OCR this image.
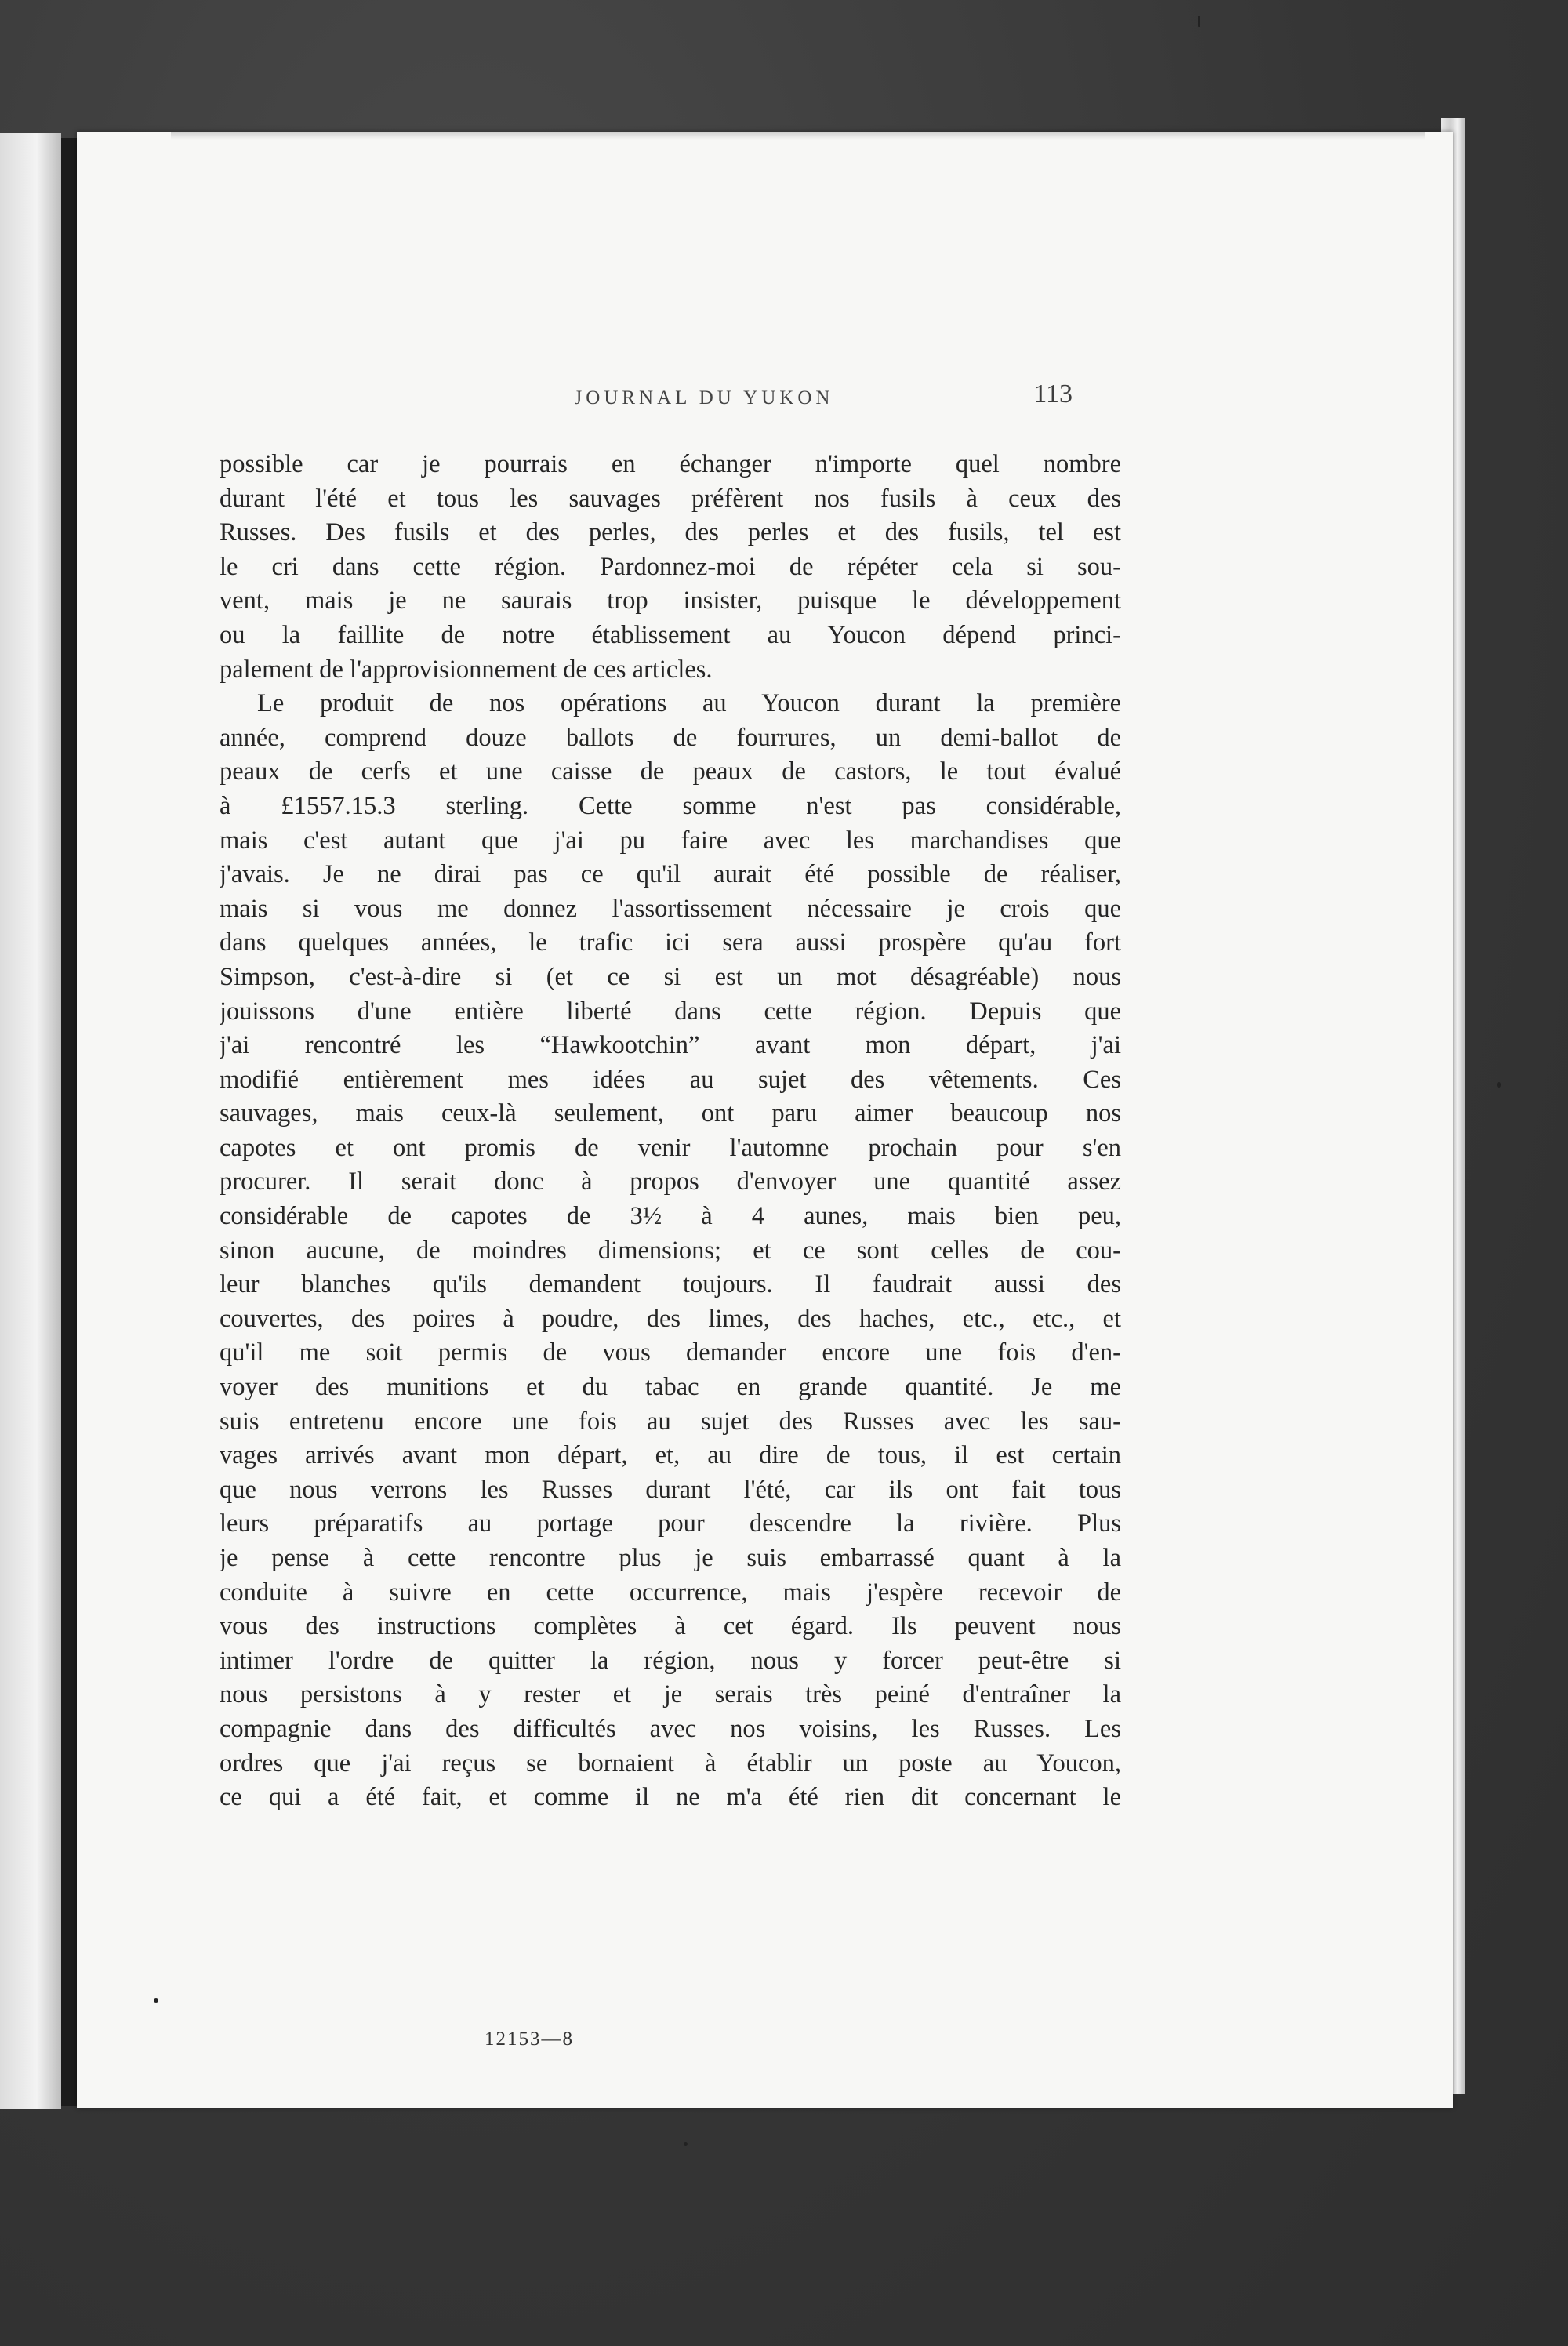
JOURNAL DU YUKON	113
possible car je pourrais en échanger n'importe quel nombre
durant l'été et tous les sauvages préfèrent nos fusils à ceux des
Russes. Des fusils et des perles, des perles et des fusils, tel est
le cri dans cette région. Pardonnez-moi de répéter cela si sou-
vent, mais je ne saurais trop insister, puisque le développement
ou la faillite de notre établissement au Youcon dépend princi-
palement de l'approvisionnement de ces articles.
Le produit de nos opérations au Youcon durant la première
année, comprend douze ballots de fourrures, un demi-ballot de
peaux de cerfs et une caisse de peaux de castors, le tout évalué
à £1557.15.3 sterling. Cette somme n'est pas considérable,
mais c'est autant que j'ai pu faire avec les marchandises que
j'avais. Je ne dirai pas ce qu'il aurait été possible de réaliser,
mais si vous me donnez l'assortissement nécessaire je crois que
dans quelques années, le trafic ici sera aussi prospère qu'au fort
Simpson, c'est-à-dire si (et ce si est un mot désagréable) nous
jouissons d'une entière liberté dans cette région. Depuis que
j'ai rencontré les “Hawkootchin” avant mon départ, j'ai
modifié entièrement mes idées au sujet des vêtements. Ces
sauvages, mais ceux-là seulement, ont paru aimer beaucoup nos
capotes et ont promis de venir l'automne prochain pour s'en
procurer. Il serait donc à propos d'envoyer une quantité assez
considérable de capotes de 3½ à 4 aunes, mais bien peu,
sinon aucune, de moindres dimensions; et ce sont celles de cou-
leur blanches qu'ils demandent toujours. Il faudrait aussi des
couvertes, des poires à poudre, des limes, des haches, etc., etc., et
qu'il me soit permis de vous demander encore une fois d'en-
voyer des munitions et du tabac en grande quantité. Je me
suis entretenu encore une fois au sujet des Russes avec les sau-
vages arrivés avant mon départ, et, au dire de tous, il est certain
que nous verrons les Russes durant l'été, car ils ont fait tous
leurs préparatifs au portage pour descendre la rivière. Plus
je pense à cette rencontre plus je suis embarrassé quant à la
conduite à suivre en cette occurrence, mais j'espère recevoir de
vous des instructions complètes à cet égard. Ils peuvent nous
intimer l'ordre de quitter la région, nous y forcer peut-être si
nous persistons à y rester et je serais très peiné d'entraîner la
compagnie dans des difficultés avec nos voisins, les Russes. Les
ordres que j'ai reçus se bornaient à établir un poste au Youcon,
ce qui a été fait, et comme il ne m'a été rien dit concernant le
12153—8
